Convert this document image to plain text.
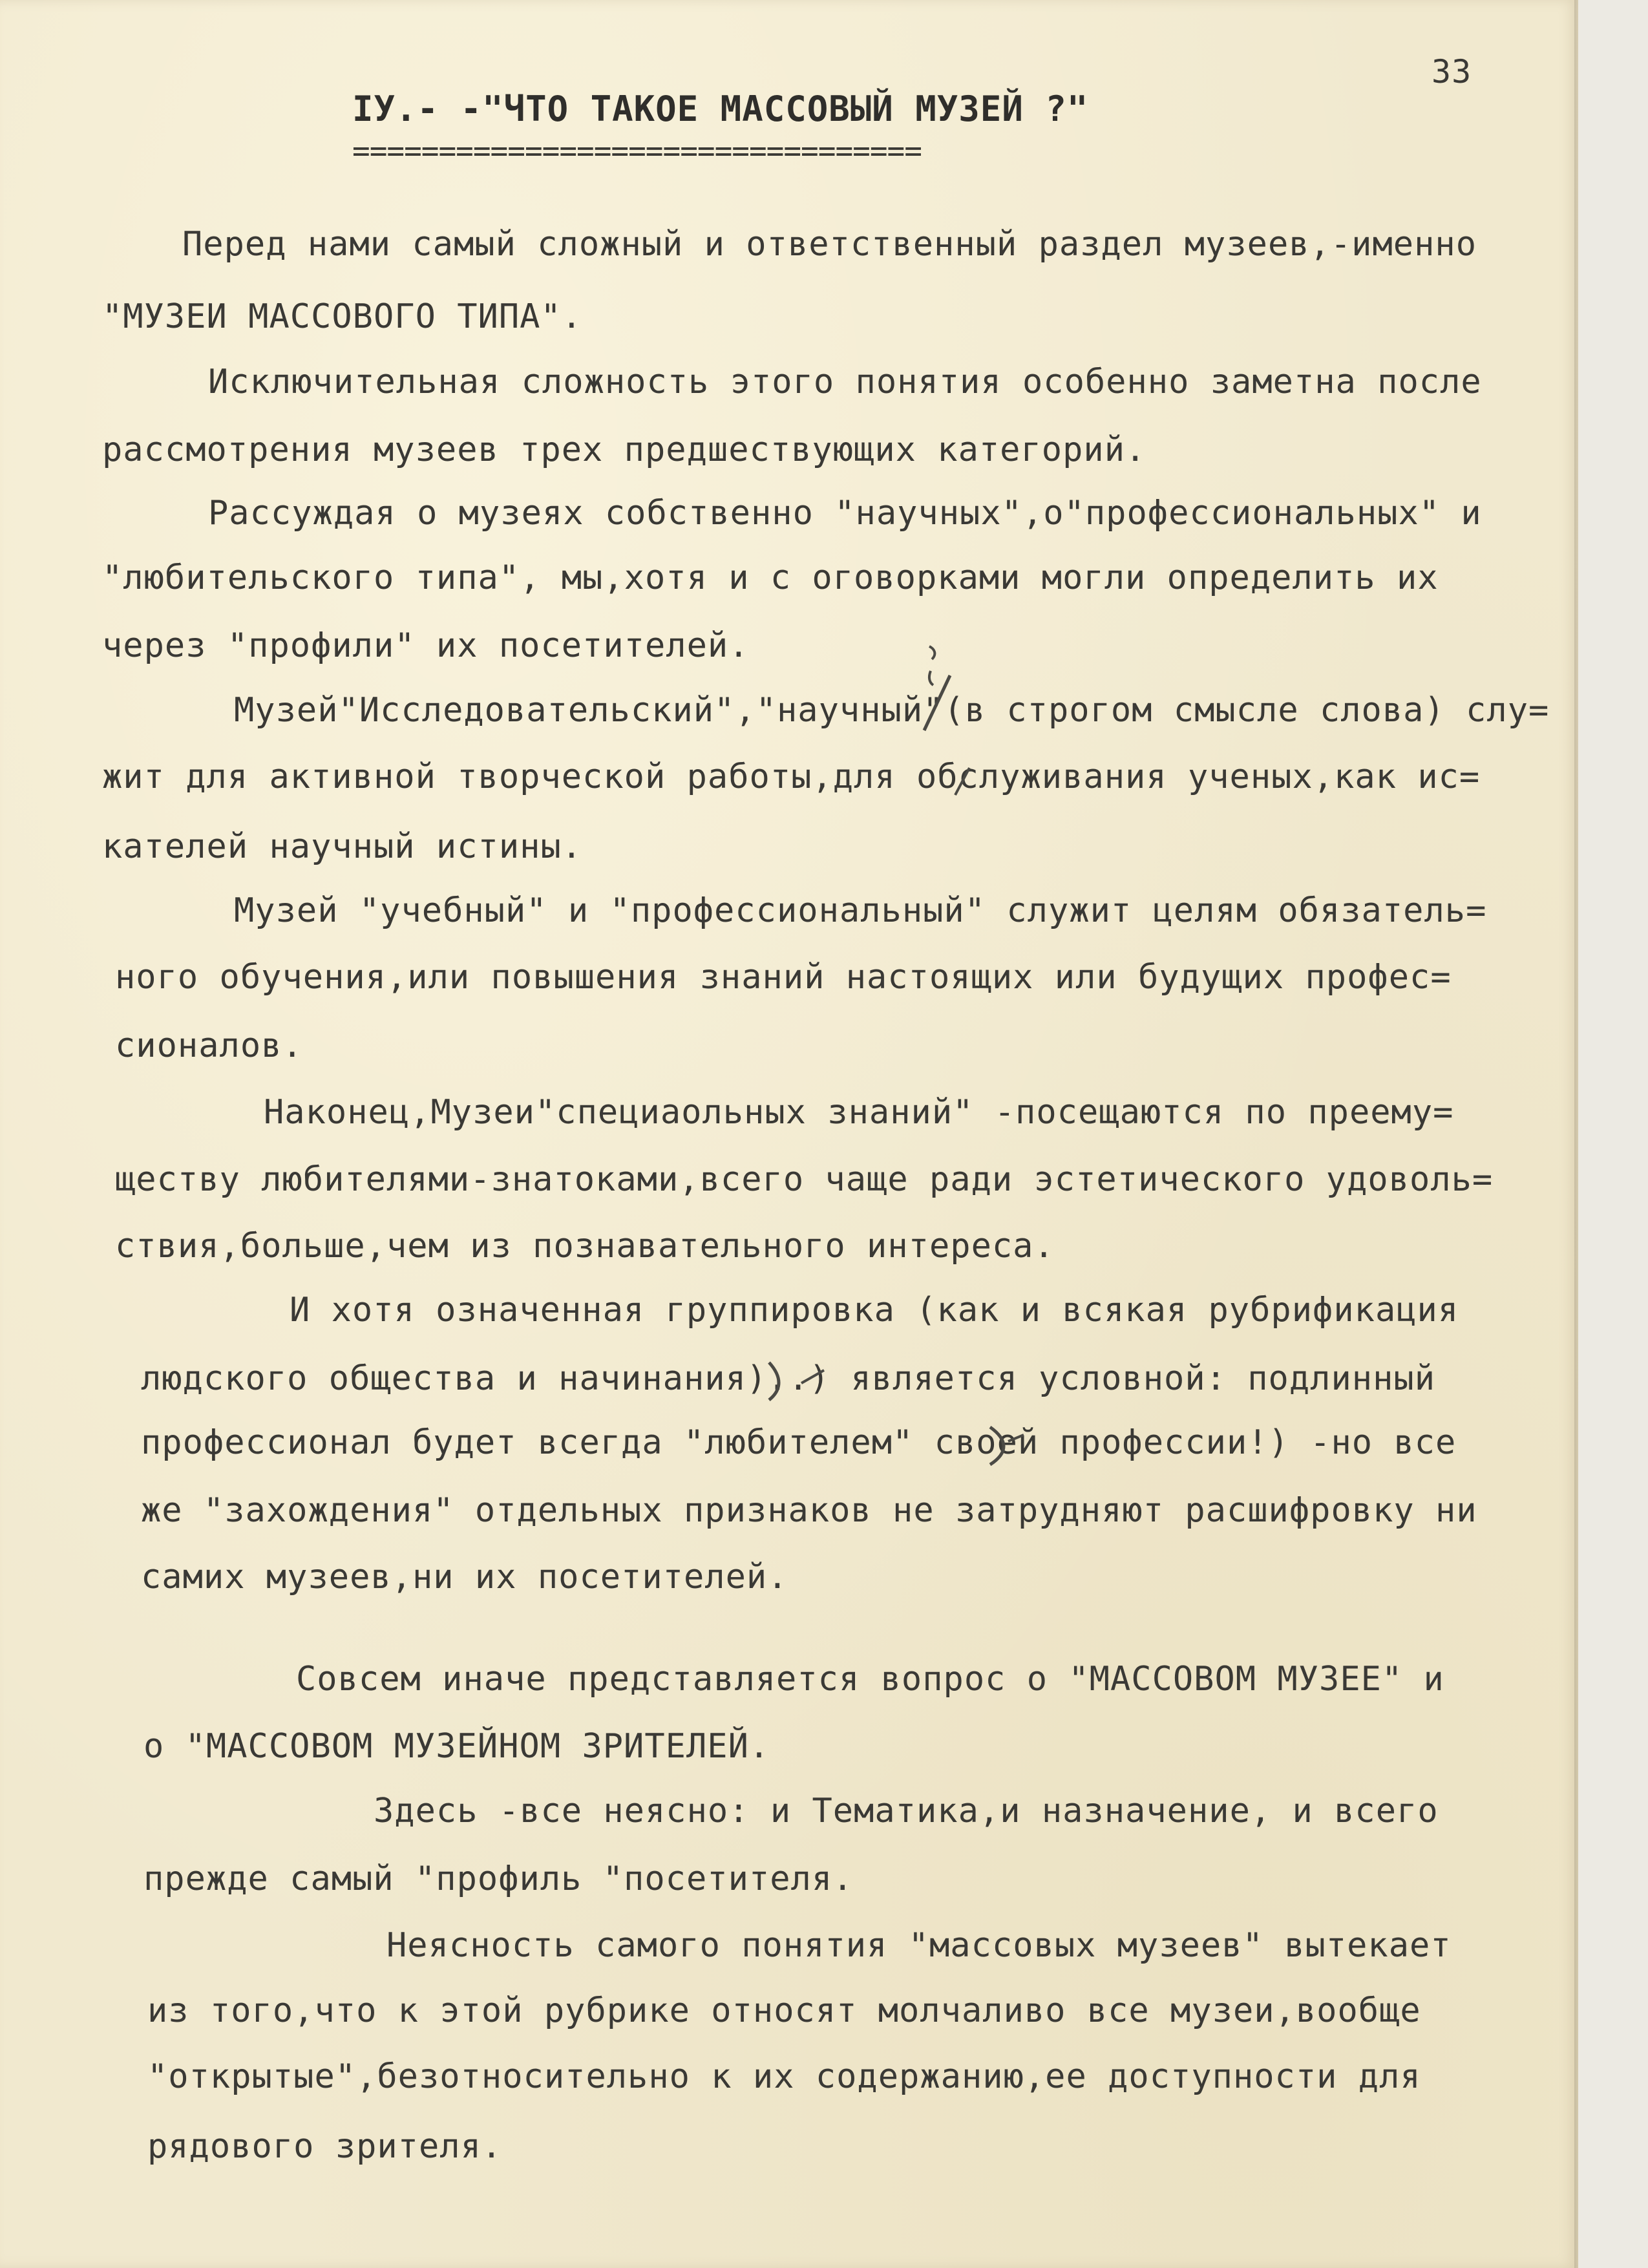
33
IУ.- -"ЧТО ТАКОЕ МАССОВЫЙ МУЗЕЙ ?"
=================================
Перед нами самый сложный и ответственный раздел музеев,-именно
"МУЗЕИ МАССОВОГО ТИПА".
Исключительная сложность этого понятия особенно заметна после
рассмотрения музеев трех предшествующих категорий.
Рассуждая о музеях собственно "научных",о"профессиональных" и
"любительского типа", мы,хотя и с оговорками могли определить их
через "профили" их посетителей.
Музей"Исследовательский","научный"(в строгом смысле слова) слу=
жит для активной творческой работы,для обслуживания ученых,как ис=
кателей научный истины.
Музей "учебный" и "профессиональный" служит целям обязатель=
ного обучения,или повышения знаний настоящих или будущих профес=
сионалов.
Наконец,Музеи"специаольных знаний" -посещаются по преему=
ществу любителями-знатоками,всего чаще ради эстетического удоволь=
ствия,больше,чем из познавательного интереса.
И хотя означенная группировка (как и всякая рубрификация
людского общества и начинания)..) является условной: подлинный
профессионал будет всегда "любителем" своей профессии!) -но все
же "захождения" отдельных признаков не затрудняют расшифровку ни
самих музеев,ни их посетителей.
Совсем иначе представляется вопрос о "МАССОВОМ МУЗЕЕ" и
о "МАССОВОМ МУЗЕЙНОМ ЗРИТЕЛЕЙ.
Здесь -все неясно: и Тематика,и назначение, и всего
прежде самый "профиль "посетителя.
Неясность самого понятия "массовых музеев" вытекает
из того,что к этой рубрике относят молчаливо все музеи,вообще
"открытые",безотносительно к их содержанию,ее доступности для
рядового зрителя.
